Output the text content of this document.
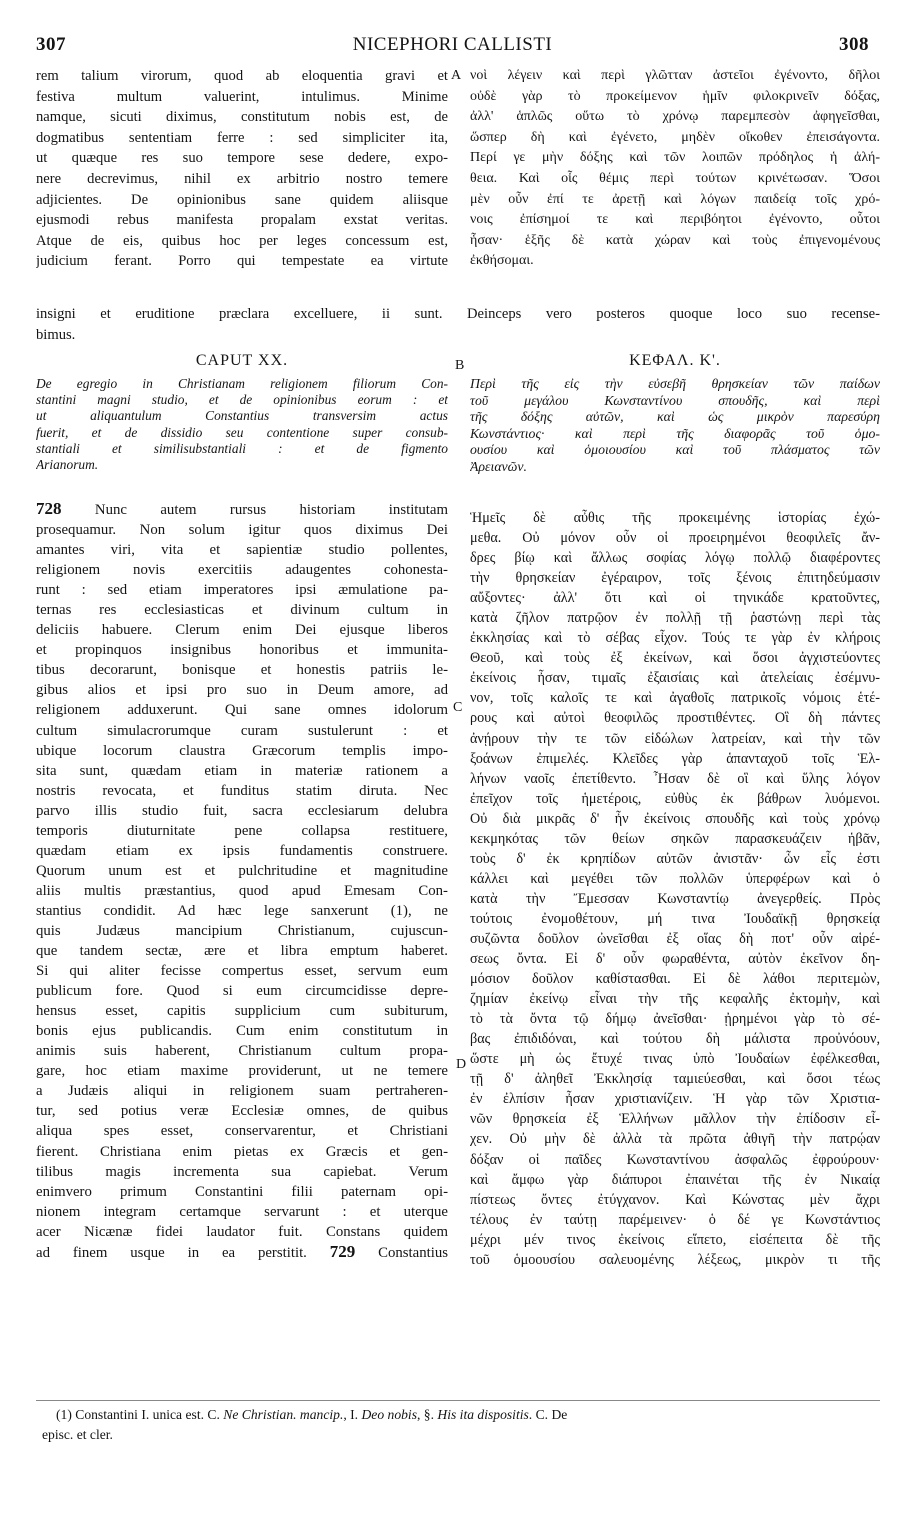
307	NICEPHORI CALLISTI	308
rem talium virorum, quod ab eloquentia gravi et
festiva multum valuerint, intulimus. Minime
namque, sicuti diximus, constitutum nobis est, de
dogmatibus sententiam ferre : sed simpliciter ita,
ut quæque res suo tempore sese dedere, expo-
nere decrevimus, nihil ex arbitrio nostro temere
adjicientes. De opinionibus sane quidem aliisque
ejusmodi rebus manifesta propalam exstat veritas.
Atque de eis, quibus hoc per leges concessum est,
judicium ferant. Porro qui tempestate ea virtute
νοὶ λέγειν καὶ περὶ γλῶτταν ἀστεῖοι ἐγένοντο, δῆλοι
οὐδὲ γὰρ τὸ προκείμενον ἡμῖν φιλοκρινεῖν δόξας,
ἀλλ' ἁπλῶς οὕτω τὸ χρόνῳ παρεμπεσὸν ἀφηγεῖσθαι,
ὥσπερ δὴ καὶ ἐγένετο, μηδὲν οἴκοθεν ἐπεισάγοντα.
Περί γε μὴν δόξης καὶ τῶν λοιπῶν πρόδηλος ἡ ἀλή-
θεια. Καὶ οἷς θέμις περὶ τούτων κρινέτωσαν. Ὅσοι
μὲν οὖν ἐπί τε ἀρετῇ καὶ λόγων παιδείᾳ τοῖς χρό-
νοις ἐπίσημοί τε καὶ περιβόητοι ἐγένοντο, οὗτοι
ἦσαν· ἑξῆς δὲ κατὰ χώραν καὶ τοὺς ἐπιγενομένους
ἐκθήσομαι.
insigni et eruditione præclara excelluere, ii sunt. Deinceps vero posteros quoque loco suo recense-
bimus.
A
B
C
D
CAPUT XX.	ΚΕΦΑΛ. Κ'.
De egregio in Christianam religionem filiorum Con-
stantini magni studio, et de opinionibus eorum : et
ut aliquantulum Constantius transversim actus
fuerit, et de dissidio seu contentione super consub-
stantiali et similisubstantiali : et de figmento
Arianorum.
Περὶ τῆς εἰς τὴν εὐσεβῆ θρησκείαν τῶν παίδων
τοῦ μεγάλου Κωνσταντίνου σπουδῆς, καὶ περὶ
τῆς δόξης αὐτῶν, καὶ ὡς μικρὸν παρεσύρη
Κωνστάντιος· καὶ περὶ τῆς διαφορᾶς τοῦ ὁμο-
ουσίου καὶ ὁμοιουσίου καὶ τοῦ πλάσματος τῶν
Ἀρειανῶν.
728 Nunc autem rursus historiam institutam
prosequamur. Non solum igitur quos diximus Dei
amantes viri, vita et sapientiæ studio pollentes,
religionem novis exercitiis adaugentes cohonesta-
runt : sed etiam imperatores ipsi æmulatione pa-
ternas res ecclesiasticas et divinum cultum in
deliciis habuere. Clerum enim Dei ejusque liberos
et propinquos insignibus honoribus et immunita-
tibus decorarunt, bonisque et honestis patriis le-
gibus alios et ipsi pro suo in Deum amore, ad
religionem adduxerunt. Qui sane omnes idolorum
cultum simulacrorumque curam sustulerunt : et
ubique locorum claustra Græcorum templis impo-
sita sunt, quædam etiam in materiæ rationem a
nostris revocata, et funditus statim diruta. Nec
parvo illis studio fuit, sacra ecclesiarum delubra
temporis diuturnitate pene collapsa restituere,
quædam etiam ex ipsis fundamentis construere.
Quorum unum est et pulchritudine et magnitudine
aliis multis præstantius, quod apud Emesam Con-
stantius condidit. Ad hæc lege sanxerunt (1), ne
quis Judæus mancipium Christianum, cujuscun-
que tandem sectæ, ære et libra emptum haberet.
Si qui aliter fecisse compertus esset, servum eum
publicum fore. Quod si eum circumcidisse depre-
hensus esset, capitis supplicium cum subiturum,
bonis ejus publicandis. Cum enim constitutum in
animis suis haberent, Christianum cultum propa-
gare, hoc etiam maxime providerunt, ut ne temere
a Judæis aliqui in religionem suam pertraheren-
tur, sed potius veræ Ecclesiæ omnes, de quibus
aliqua spes esset, conservarentur, et Christiani
fierent. Christiana enim pietas ex Græcis et gen-
tilibus magis incrementa sua capiebat. Verum
enimvero primum Constantini filii paternam opi-
nionem integram certamque servarunt : et uterque
acer Nicænæ fidei laudator fuit. Constans quidem
ad finem usque in ea perstitit. 729 Constantius
Ἡμεῖς δὲ αὖθις τῆς προκειμένης ἱστορίας ἐχώ-
μεθα. Οὐ μόνον οὖν οἱ προειρημένοι θεοφιλεῖς ἄν-
δρες βίῳ καὶ ἄλλως σοφίας λόγῳ πολλῷ διαφέροντες
τὴν θρησκείαν ἐγέραιρον, τοῖς ξένοις ἐπιτηδεύμασιν
αὔξοντες· ἀλλ' ὅτι καὶ οἱ τηνικάδε κρατοῦντες,
κατὰ ζῆλον πατρῷον ἐν πολλῇ τῇ ῥαστώνῃ περὶ τὰς
ἐκκλησίας καὶ τὸ σέβας εἶχον. Τούς τε γὰρ ἐν κλήροις
Θεοῦ, καὶ τοὺς ἐξ ἐκείνων, καὶ ὅσοι ἀγχιστεύοντες
ἐκείνοις ἦσαν, τιμαῖς ἐξαισίαις καὶ ἀτελείαις ἐσέμνυ-
νον, τοῖς καλοῖς τε καὶ ἀγαθοῖς πατρικοῖς νόμοις ἑτέ-
ρους καὶ αὐτοὶ θεοφιλῶς προστιθέντες. Οἳ δὴ πάντες
ἀνῄρουν τὴν τε τῶν εἰδώλων λατρείαν, καὶ τὴν τῶν
ξοάνων ἐπιμελές. Κλεῖδες γὰρ ἁπανταχοῦ τοῖς Ἑλ-
λήνων ναοῖς ἐπετίθεντο. Ἦσαν δὲ οἳ καὶ ὕλης λόγον
ἐπεῖχον τοῖς ἡμετέροις, εὐθὺς ἐκ βάθρων λυόμενοι.
Οὐ διὰ μικρᾶς δ' ἦν ἐκείνοις σπουδῆς καὶ τοὺς χρόνῳ
κεκμηκότας τῶν θείων σηκῶν παρασκευάζειν ἡβᾶν,
τοὺς δ' ἐκ κρηπίδων αὐτῶν ἀνιστᾶν· ὧν εἷς ἐστι
κάλλει καὶ μεγέθει τῶν πολλῶν ὑπερφέρων καὶ ὁ
κατὰ τὴν Ἔμεσσαν Κωνσταντίῳ ἀνεγερθείς. Πρὸς
τούτοις ἐνομοθέτουν, μή τινα Ἰουδαϊκῇ θρησκείᾳ
συζῶντα δοῦλον ὠνεῖσθαι ἐξ οἵας δὴ ποτ' οὖν αἱρέ-
σεως ὄντα. Εἰ δ' οὖν φωραθέντα, αὐτὸν ἐκεῖνον δη-
μόσιον δοῦλον καθίστασθαι. Εἰ δὲ λάθοι περιτεμὼν,
ζημίαν ἐκείνῳ εἶναι τὴν τῆς κεφαλῆς ἐκτομὴν, καὶ
τὸ τὰ ὄντα τῷ δήμῳ ἀνεῖσθαι· ᾐρημένοι γὰρ τὸ σέ-
βας ἐπιδιδόναι, καὶ τούτου δὴ μάλιστα προὐνόουν,
ὥστε μὴ ὡς ἔτυχέ τινας ὑπὸ Ἰουδαίων ἐφέλκεσθαι,
τῇ δ' ἀληθεῖ Ἐκκλησίᾳ ταμιεύεσθαι, καὶ ὅσοι τέως
ἐν ἐλπίσιν ἦσαν χριστιανίζειν. Ἡ γὰρ τῶν Χριστια-
νῶν θρησκεία ἐξ Ἑλλήνων μᾶλλον τὴν ἐπίδοσιν εἶ-
χεν. Οὐ μὴν δὲ ἀλλὰ τὰ πρῶτα ἀθιγῆ τὴν πατρῴαν
δόξαν οἱ παῖδες Κωνσταντίνου ἀσφαλῶς ἐφρούρουν·
καὶ ἄμφω γὰρ διάπυροι ἐπαινέται τῆς ἐν Νικαίᾳ
πίστεως ὄντες ἐτύγχανον. Καὶ Κώνστας μὲν ἄχρι
τέλους ἐν ταύτῃ παρέμεινεν· ὁ δέ γε Κωνστάντιος
μέχρι μέν τινος ἐκείνοις εἵπετο, εἰσέπειτα δὲ τῆς
τοῦ ὁμοουσίου σαλευομένης λέξεως, μικρὸν τι τῆς
(1) Constantini I. unica est. C. Ne Christian. mancip., I. Deo nobis, §. His ita dispositis. C. De
episc. et cler.
